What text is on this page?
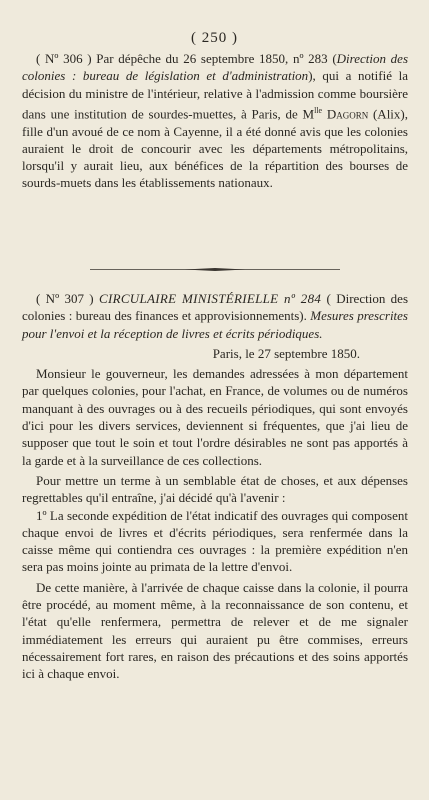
( 250 )

( Nº 306 ) Par dépêche du 26 septembre 1850, nº 283 (Direction des colonies : bureau de législation et d'administration), qui a notifié la décision du ministre de l'intérieur, relative à l'admission comme boursière dans une institution de sourdes-muettes, à Paris, de $M^{lle}$ Dagorn (Alix), fille d'un avoué de ce nom à Cayenne, il a été donné avis que les colonies auraient le droit de concourir avec les départements métropolitains, lorsqu'il y aurait lieu, aux bénéfices de la répartition des bourses de sourds-muets dans les établissements nationaux.

( Nº 307 ) CIRCULAIRE MINISTÉRIELLE nº 284 ( Direction des colonies : bureau des finances et approvisionnements). Mesures prescrites pour l'envoi et la réception de livres et écrits périodiques.

Paris, le 27 septembre 1850.

Monsieur le gouverneur, les demandes adressées à mon département par quelques colonies, pour l'achat, en France, de volumes ou de numéros manquant à des ouvrages ou à des recueils périodiques, qui sont envoyés d'ici pour les divers services, deviennent si fréquentes, que j'ai lieu de supposer que tout le soin et tout l'ordre désirables ne sont pas apportés à la garde et à la surveillance de ces collections.

Pour mettre un terme à un semblable état de choses, et aux dépenses regrettables qu'il entraîne, j'ai décidé qu'à l'avenir :

1º La seconde expédition de l'état indicatif des ouvrages qui composent chaque envoi de livres et d'écrits périodiques, sera renfermée dans la caisse même qui contiendra ces ouvrages : la première expédition n'en sera pas moins jointe au primata de la lettre d'envoi.

De cette manière, à l'arrivée de chaque caisse dans la colonie, il pourra être procédé, au moment même, à la reconnaissance de son contenu, et l'état qu'elle renfermera, permettra de relever et de me signaler immédiatement les erreurs qui auraient pu être commises, erreurs nécessairement fort rares, en raison des précautions et des soins apportés ici à chaque envoi.
